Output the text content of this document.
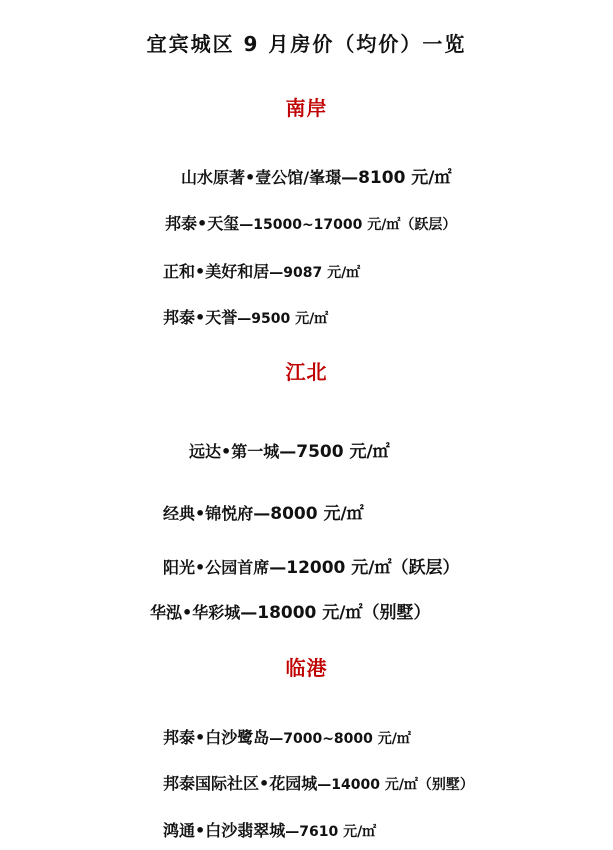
宜宾城区 9 月房价（均价）一览
南岸
山水原著•壹公馆/峯璟—8100 元/㎡
邦泰•天玺—15000~17000 元/㎡（跃层）
正和•美好和居—9087 元/㎡
邦泰•天誉—9500 元/㎡
江北
远达•第一城—7500 元/㎡
经典•锦悦府—8000 元/㎡
阳光•公园首席—12000 元/㎡（跃层）
华泓•华彩城—18000 元/㎡（别墅）
临港
邦泰•白沙鹭岛—7000~8000 元/㎡
邦泰国际社区•花园城—14000 元/㎡（别墅）
鸿通•白沙翡翠城—7610 元/㎡
